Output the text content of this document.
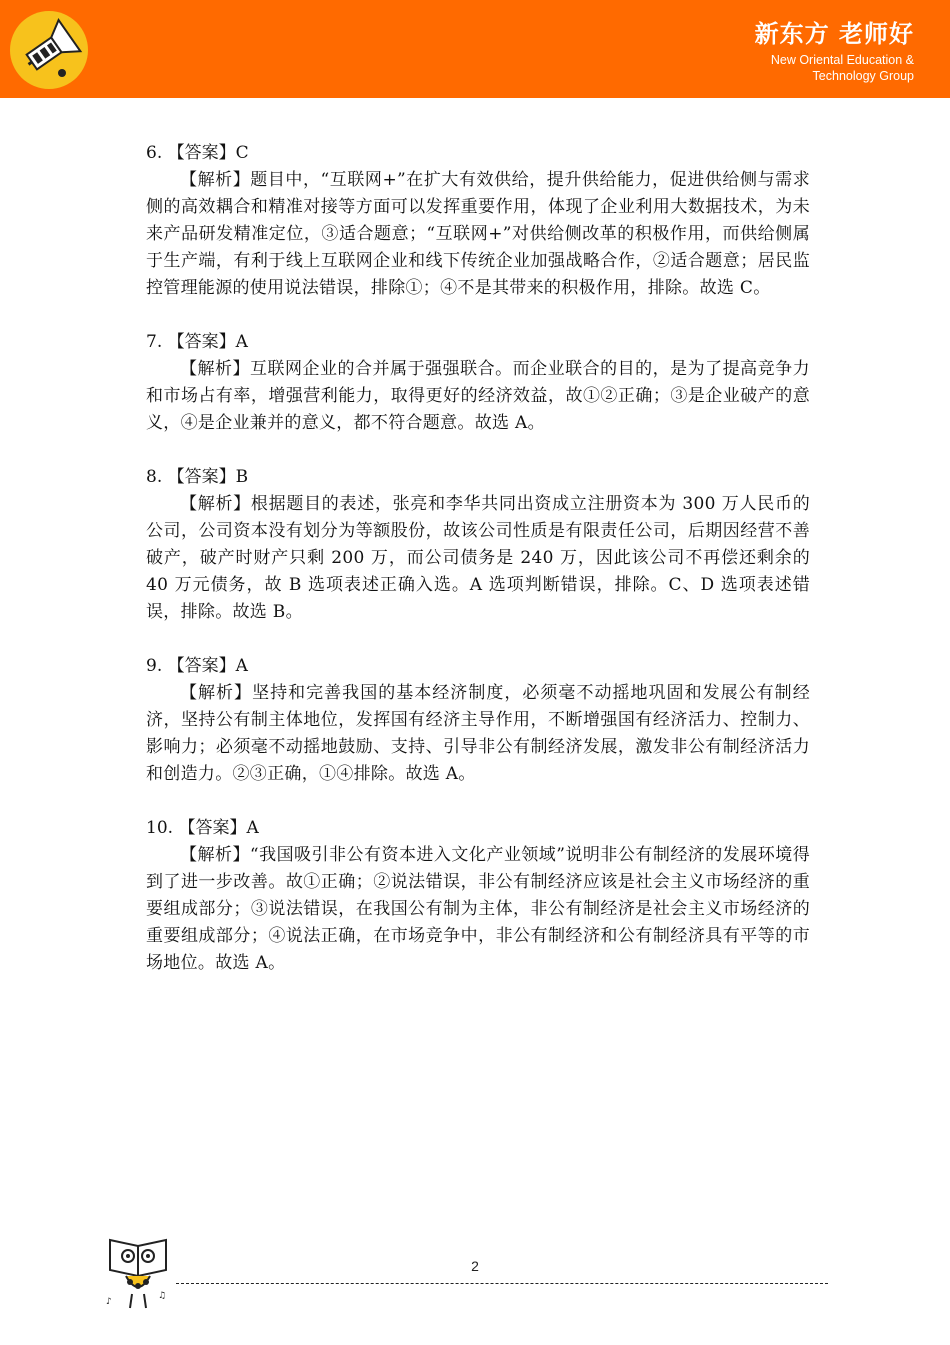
新东方 老师好
New Oriental Education &
Technology Group
6. 【答案】C
【解析】题目中，“互联网+”在扩大有效供给，提升供给能力，促进供给侧与需求侧的高效耦合和精准对接等方面可以发挥重要作用，体现了企业利用大数据技术，为未来产品研发精准定位，③适合题意；“互联网+”对供给侧改革的积极作用，而供给侧属于生产端，有利于线上互联网企业和线下传统企业加强战略合作，②适合题意；居民监控管理能源的使用说法错误，排除①；④不是其带来的积极作用，排除。故选 C。
7. 【答案】A
【解析】互联网企业的合并属于强强联合。而企业联合的目的，是为了提高竞争力和市场占有率，增强营利能力，取得更好的经济效益，故①②正确；③是企业破产的意义，④是企业兼并的意义，都不符合题意。故选 A。
8. 【答案】B
【解析】根据题目的表述，张亮和李华共同出资成立注册资本为 300 万人民币的公司，公司资本没有划分为等额股份，故该公司性质是有限责任公司，后期因经营不善破产，破产时财产只剩 200 万，而公司债务是 240 万，因此该公司不再偿还剩余的 40 万元债务，故 B 选项表述正确入选。A 选项判断错误，排除。C、D 选项表述错误，排除。故选 B。
9. 【答案】A
【解析】坚持和完善我国的基本经济制度，必须毫不动摇地巩固和发展公有制经济，坚持公有制主体地位，发挥国有经济主导作用，不断增强国有经济活力、控制力、影响力；必须毫不动摇地鼓励、支持、引导非公有制经济发展，激发非公有制经济活力和创造力。②③正确，①④排除。故选 A。
10. 【答案】A
【解析】“我国吸引非公有资本进入文化产业领域”说明非公有制经济的发展环境得到了进一步改善。故①正确；②说法错误，非公有制经济应该是社会主义市场经济的重要组成部分；③说法错误，在我国公有制为主体，非公有制经济是社会主义市场经济的重要组成部分；④说法正确，在市场竞争中，非公有制经济和公有制经济具有平等的市场地位。故选 A。
♪
♫
2
